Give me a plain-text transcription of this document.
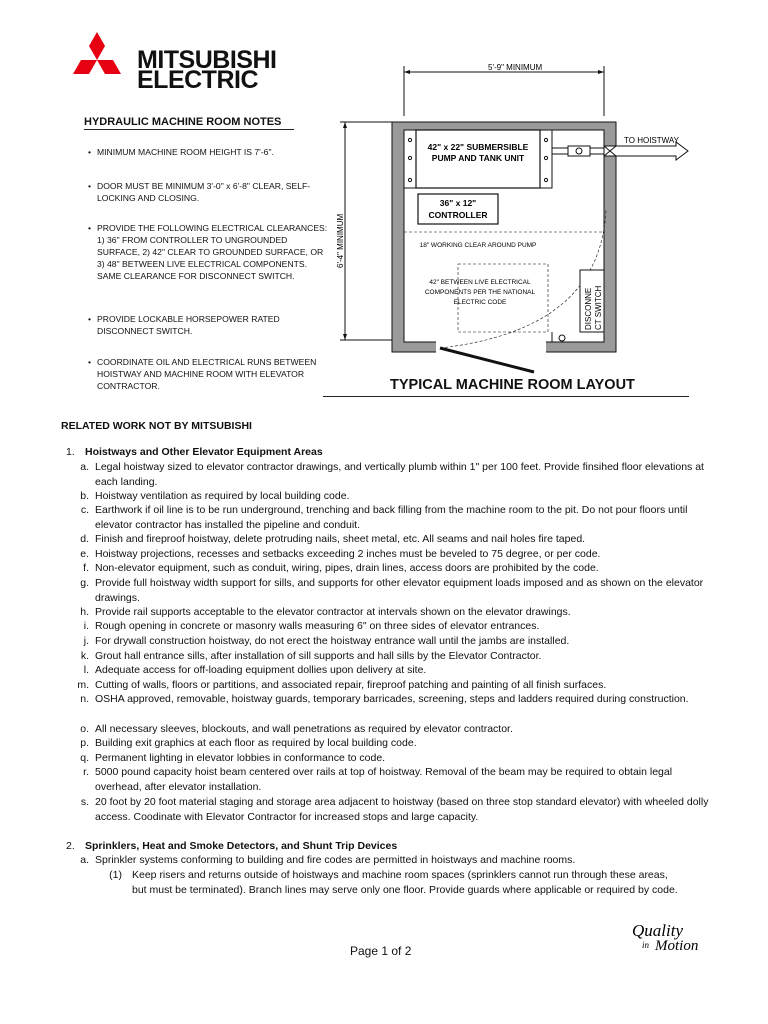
MITSUBISHI
ELECTRIC
HYDRAULIC MACHINE ROOM NOTES
• MINIMUM MACHINE ROOM HEIGHT IS 7'-6".
• DOOR MUST BE MINIMUM 3'-0" x 6'-8" CLEAR, SELF-LOCKING AND CLOSING.
• PROVIDE THE FOLLOWING ELECTRICAL CLEARANCES: 1) 36" FROM CONTROLLER TO UNGROUNDED SURFACE, 2) 42" CLEAR TO GROUNDED SURFACE, OR 3) 48" BETWEEN LIVE ELECTRICAL COMPONENTS. SAME CLEARANCE FOR DISCONNECT SWITCH.
• PROVIDE LOCKABLE HORSEPOWER RATED DISCONNECT SWITCH.
• COORDINATE OIL AND ELECTRICAL RUNS BETWEEN HOISTWAY AND MACHINE ROOM WITH ELEVATOR CONTRACTOR.
5'-9" MINIMUM
6'-4" MINIMUM
42" x 22" SUBMERSIBLE
PUMP AND TANK UNIT
TO HOISTWAY
36" x 12"
CONTROLLER
18" WORKING CLEAR AROUND PUMP
42" BETWEEN LIVE ELECTRICAL
COMPONENTS PER THE NATIONAL
ELECTRIC CODE	DISCONNE CT SWITCH
TYPICAL MACHINE ROOM LAYOUT
RELATED WORK NOT BY MITSUBISHI
1. Hoistways and Other Elevator Equipment Areas
a. Legal hoistway sized to elevator contractor drawings, and vertically plumb within 1" per 100 feet. Provide finsihed floor elevations at each landing.
b. Hoistway ventilation as required by local building code.
c. Earthwork if oil line is to be run underground, trenching and back filling from the machine room to the pit. Do not pour floors until elevator contractor has installed the pipeline and conduit.
d. Finish and fireproof hoistway, delete protruding nails, sheet metal, etc. All seams and nail holes fire taped.
e. Hoistway projections, recesses and setbacks exceeding 2 inches must be beveled to 75 degree, or per code.
f. Non-elevator equipment, such as conduit, wiring, pipes, drain lines, access doors are prohibited by the code.
g. Provide full hoistway width support for sills, and supports for other elevator equipment loads imposed and as shown on the elevator drawings.
h. Provide rail supports acceptable to the elevator contractor at intervals shown on the elevator drawings.
i. Rough opening in concrete or masonry walls measuring 6" on three sides of elevator entrances.
j. For drywall construction hoistway, do not erect the hoistway entrance wall until the jambs are installed.
k. Grout hall entrance sills, after installation of sill supports and hall sills by the Elevator Contractor.
l. Adequate access for off-loading equipment dollies upon delivery at site.
m. Cutting of walls, floors or partitions, and associated repair, fireproof patching and painting of all finish surfaces.
n. OSHA approved, removable, hoistway guards, temporary barricades, screening, steps and ladders required during construction.
o. All necessary sleeves, blockouts, and wall penetrations as required by elevator contractor.
p. Building exit graphics at each floor as required by local building code.
q. Permanent lighting in elevator lobbies in conformance to code.
r. 5000 pound capacity hoist beam centered over rails at top of hoistway. Removal of the beam may be required to obtain legal overhead, after elevator installation.
s. 20 foot by 20 foot material staging and storage area adjacent to hoistway (based on three stop standard elevator) with wheeled dolly access. Coodinate with Elevator Contractor for increased stops and large capacity.
2. Sprinklers, Heat and Smoke Detectors, and Shunt Trip Devices
a. Sprinkler systems conforming to building and fire codes are permitted in hoistways and machine rooms.
(1) Keep risers and returns outside of hoistways and machine room spaces (sprinklers cannot run through these areas, but must be terminated). Branch lines may serve only one floor. Provide guards where applicable or required by code.
Page 1 of 2
Quality
in Motion
